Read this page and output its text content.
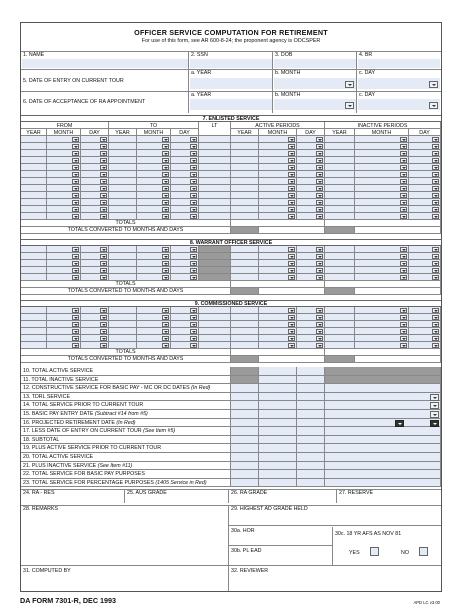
OFFICER SERVICE COMPUTATION FOR RETIREMENT
For use of this form, see AR 600-8-24; the proponent agency is ODCSPER
1. NAME	2. SSN	3. DOB	4. BR
5. DATE OF ENTRY ON CURRENT TOUR
a. YEAR	b. MONTH	c. DAY
6. DATE OF ACCEPTANCE OF RA APPOINTMENT
a. YEAR	b. MONTH	c. DAY
7. ENLISTED SERVICE
FROM	TO	LT	ACTIVE PERIODS	INACTIVE PERIODS
YEAR	MONTH	DAY	YEAR	MONTH	DAY	YEAR	MONTH	DAY	YEAR	MONTH	DAY
TOTALS
TOTALS CONVERTED TO MONTHS AND DAYS
8. WARRANT OFFICER SERVICE
TOTALS
TOTALS CONVERTED TO MONTHS AND DAYS
9. COMMISSIONED SERVICE
TOTALS
TOTALS CONVERTED TO MONTHS AND DAYS
10. TOTAL ACTIVE SERVICE
11. TOTAL INACTIVE SERVICE
12. CONSTRUCTIVE SERVICE FOR BASIC PAY - MC OR DC DATES (In Red)
13. TDRL SERVICE
14. TOTAL SERVICE PRIOR TO CURRENT TOUR
15. BASIC PAY ENTRY DATE (Subtract #14 from #5)
16. PROJECTED RETIREMENT DATE (In Red)
17. LESS DATE OF ENTRY ON CURRENT TOUR (See Item #5)
18. SUBTOTAL
19. PLUS ACTIVE SERVICE PRIOR TO CURRENT TOUR
20. TOTAL ACTIVE SERVICE
21. PLUS INACTIVE SERVICE (See Item #11)
22. TOTAL SERVICE FOR BASIC PAY PURPOSES
23. TOTAL SERVICE FOR PERCENTAGE PURPOSES (1405 Service in Red)
24. RA - RES	25. AUS GRADE	26. RA GRADE	27. RESERVE
28. REMARKS	29. HIGHEST AD GRADE HELD
30a. HOR	30c. 18 YR AFS AS NOV 81
30b. PL EAD	YES	NO
31. COMPUTED BY	32. REVIEWER
DA FORM 7301-R, DEC 1993	APD LC v3.00
